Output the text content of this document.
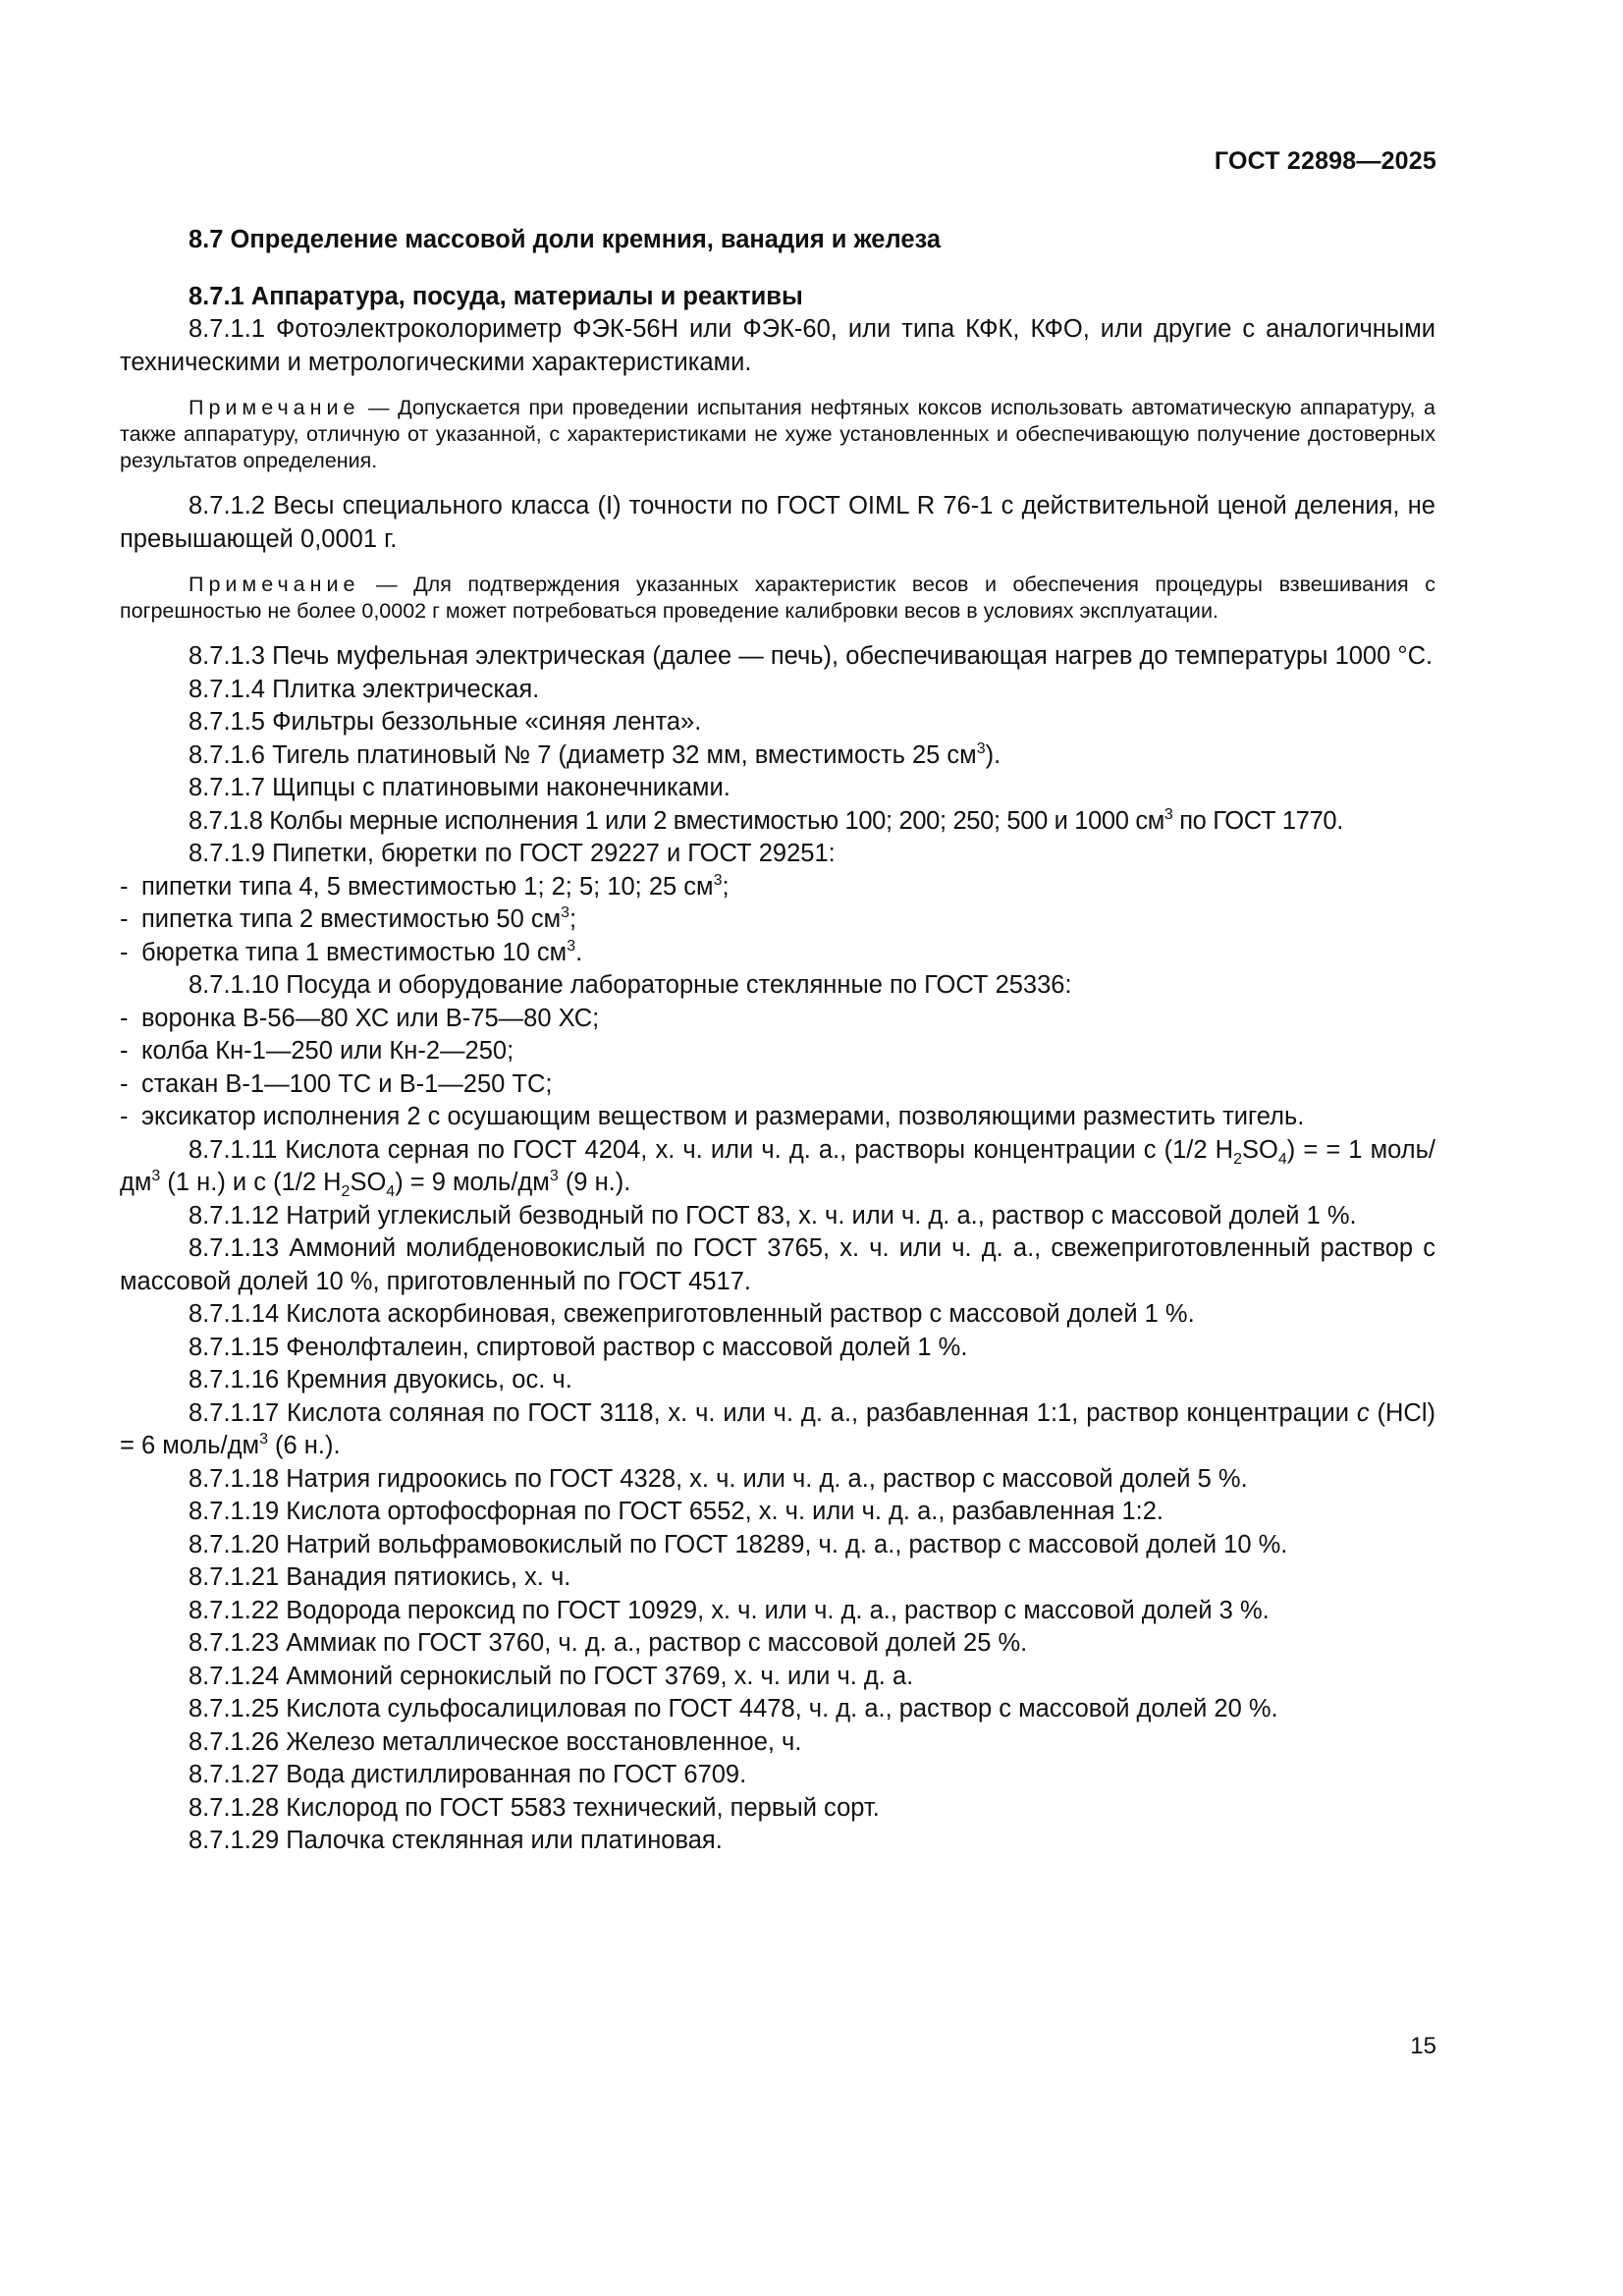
ГОСТ 22898—2025
8.7 Определение массовой доли кремния, ванадия и железа
8.7.1 Аппаратура, посуда, материалы и реактивы

8.7.1.1 Фотоэлектроколориметр ФЭК-56Н или ФЭК-60, или типа КФК, КФО, или другие с аналогичными техническими и метрологическими характеристиками.

Примечание — Допускается при проведении испытания нефтяных коксов использовать автоматическую аппаратуру, а также аппаратуру, отличную от указанной, с характеристиками не хуже установленных и обеспечивающую получение достоверных результатов определения.

8.7.1.2 Весы специального класса (I) точности по ГОСТ OIML R 76-1 с действительной ценой деления, не превышающей 0,0001 г.

Примечание — Для подтверждения указанных характеристик весов и обеспечения процедуры взвешивания с погрешностью не более 0,0002 г может потребоваться проведение калибровки весов в условиях эксплуатации.

8.7.1.3 Печь муфельная электрическая (далее — печь), обеспечивающая нагрев до температуры 1000 °С.

8.7.1.4 Плитка электрическая.

8.7.1.5 Фильтры беззольные «синяя лента».

8.7.1.6 Тигель платиновый № 7 (диаметр 32 мм, вместимость 25 $см^3$).

8.7.1.7 Щипцы с платиновыми наконечниками.

8.7.1.8 Колбы мерные исполнения 1 или 2 вместимостью 100; 200; 250; 500 и 1000 $см^3$ по ГОСТ 1770.

8.7.1.9 Пипетки, бюретки по ГОСТ 29227 и ГОСТ 29251:

- пипетки типа 4, 5 вместимостью 1; 2; 5; 10; 25 $см^3$;

- пипетка типа 2 вместимостью 50 $см^3$;

- бюретка типа 1 вместимостью 10 $см^3$.

8.7.1.10 Посуда и оборудование лабораторные стеклянные по ГОСТ 25336:

- воронка В-56—80 ХС или В-75—80 ХС;

- колба Кн-1—250 или Кн-2—250;

- стакан В-1—100 ТС и В-1—250 ТС;

- эксикатор исполнения 2 с осушающим веществом и размерами, позволяющими разместить тигель.

8.7.1.11 Кислота серная по ГОСТ 4204, х. ч. или ч. д. а., растворы концентрации с (1/2 $H_2SO_4$) = = 1 моль/$дм^3$ (1 н.) и с (1/2 $H_2SO_4) = 9$ моль/$дм^3$ (9 н.).

8.7.1.12 Натрий углекислый безводный по ГОСТ 83, х. ч. или ч. д. а., раствор с массовой долей 1 %.

8.7.1.13 Аммоний молибденовокислый по ГОСТ 3765, х. ч. или ч. д. а., свежеприготовленный раствор с массовой долей 10 %, приготовленный по ГОСТ 4517.

8.7.1.14 Кислота аскорбиновая, свежеприготовленный раствор с массовой долей 1 %.

8.7.1.15 Фенолфталеин, спиртовой раствор с массовой долей 1 %.

8.7.1.16 Кремния двуокись, ос. ч.

8.7.1.17 Кислота соляная по ГОСТ 3118, х. ч. или ч. д. а., разбавленная 1:1, раствор концентрации с (HCl) = 6 моль/$дм^3$ (6 н.).

8.7.1.18 Натрия гидроокись по ГОСТ 4328, х. ч. или ч. д. а., раствор с массовой долей 5 %.

8.7.1.19 Кислота ортофосфорная по ГОСТ 6552, х. ч. или ч. д. а., разбавленная 1:2.

8.7.1.20 Натрий вольфрамовокислый по ГОСТ 18289, ч. д. а., раствор с массовой долей 10 %.

8.7.1.21 Ванадия пятиокись, х. ч.

8.7.1.22 Водорода пероксид по ГОСТ 10929, х. ч. или ч. д. а., раствор с массовой долей 3 %.

8.7.1.23 Аммиак по ГОСТ 3760, ч. д. а., раствор с массовой долей 25 %.

8.7.1.24 Аммоний сернокислый по ГОСТ 3769, х. ч. или ч. д. а.

8.7.1.25 Кислота сульфосалициловая по ГОСТ 4478, ч. д. а., раствор с массовой долей 20 %.

8.7.1.26 Железо металлическое восстановленное, ч.

8.7.1.27 Вода дистиллированная по ГОСТ 6709.

8.7.1.28 Кислород по ГОСТ 5583 технический, первый сорт.

8.7.1.29 Палочка стеклянная или платиновая.

15
